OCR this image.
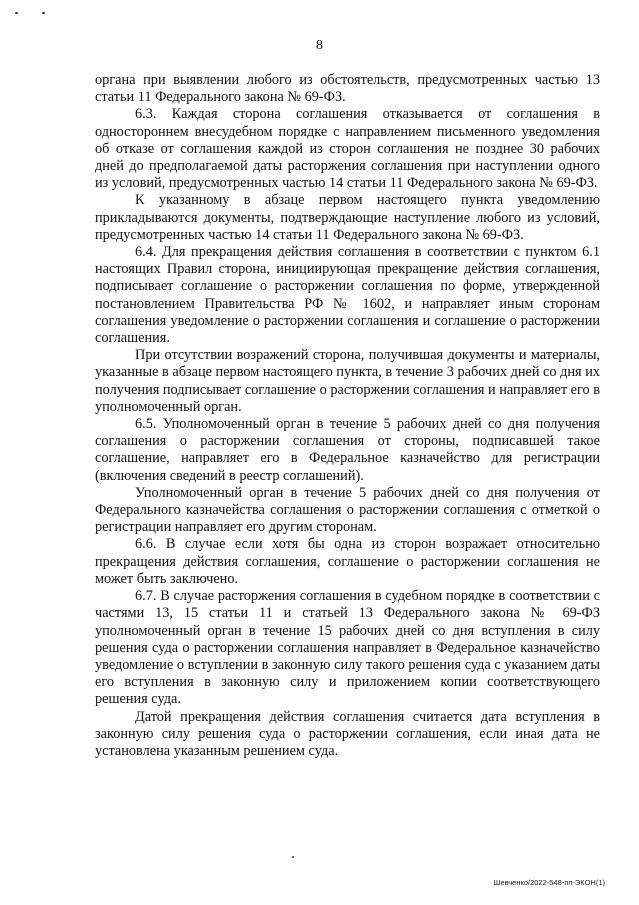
8

органа при выявлении любого из обстоятельств, предусмотренных частью 13 статьи 11 Федерального закона № 69-ФЗ.

6.3. Каждая сторона соглашения отказывается от соглашения в одностороннем внесудебном порядке с направлением письменного уведомления об отказе от соглашения каждой из сторон соглашения не позднее 30 рабочих дней до предполагаемой даты расторжения соглашения при наступлении одного из условий, предусмотренных частью 14 статьи 11 Федерального закона № 69-ФЗ.

К указанному в абзаце первом настоящего пункта уведомлению прикладываются документы, подтверждающие наступление любого из условий, предусмотренных частью 14 статьи 11 Федерального закона № 69-ФЗ.

6.4. Для прекращения действия соглашения в соответствии с пунктом 6.1 настоящих Правил сторона, инициирующая прекращение действия соглашения, подписывает соглашение о расторжении соглашения по форме, утвержденной постановлением Правительства РФ № 1602, и направляет иным сторонам соглашения уведомление о расторжении соглашения и соглашение о расторжении соглашения.

При отсутствии возражений сторона, получившая документы и материалы, указанные в абзаце первом настоящего пункта, в течение 3 рабочих дней со дня их получения подписывает соглашение о расторжении соглашения и направляет его в уполномоченный орган.

6.5. Уполномоченный орган в течение 5 рабочих дней со дня получения соглашения о расторжении соглашения от стороны, подписавшей такое соглашение, направляет его в Федеральное казначейство для регистрации (включения сведений в реестр соглашений).

Уполномоченный орган в течение 5 рабочих дней со дня получения от Федерального казначейства соглашения о расторжении соглашения с отметкой о регистрации направляет его другим сторонам.

6.6. В случае если хотя бы одна из сторон возражает относительно прекращения действия соглашения, соглашение о расторжении соглашения не может быть заключено.

6.7. В случае расторжения соглашения в судебном порядке в соответствии с частями 13, 15 статьи 11 и статьей 13 Федерального закона № 69-ФЗ уполномоченный орган в течение 15 рабочих дней со дня вступления в силу решения суда о расторжении соглашения направляет в Федеральное казначейство уведомление о вступлении в законную силу такого решения суда с указанием даты его вступления в законную силу и приложением копии соответствующего решения суда.

Датой прекращения действия соглашения считается дата вступления в законную силу решения суда о расторжении соглашения, если иная дата не установлена указанным решением суда.

Шевченко/2022-548-пп-ЭКОН(1)
